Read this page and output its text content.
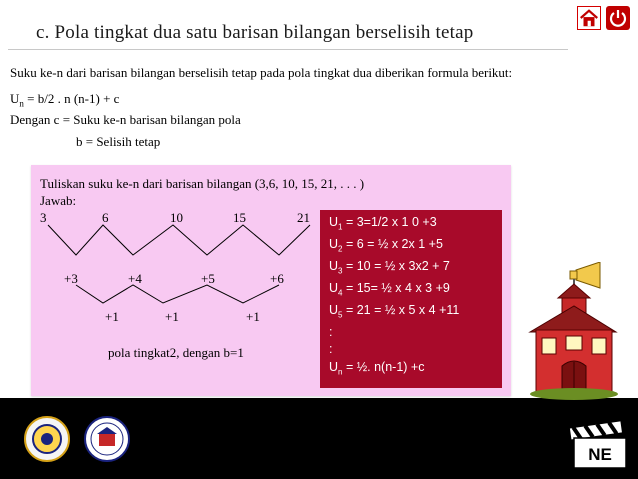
c. Pola tingkat dua satu barisan bilangan berselisih tetap
Suku ke-n dari barisan bilangan berselisih tetap pada pola tingkat dua diberikan formula berikut:
$U_n = b/2$ . n (n-1) + c
Dengan c = Suku ke-n barisan bilangan pola
b = Selisih tetap
Tuliskan suku ke-n dari barisan bilangan (3,6, 10, 15, 21, . . . )
Jawab:
3	6	10	15	21
+3	+4	+5	+6
+1	+1	+1
pola tingkat2, dengan b=1
$U_1 = 3=1/2$ x 1 0 +3
$U_2 = 6$ = ½ x 2x 1 +5
$U_3 = 10$ = ½ x 3x2 + 7
$U_4 = 15=$ ½ x 4 x 3 +9
$U_5 = 21$ = ½ x 5 x 4 +11
:
:
$U_n$ = ½. n(n-1) +c
NE
